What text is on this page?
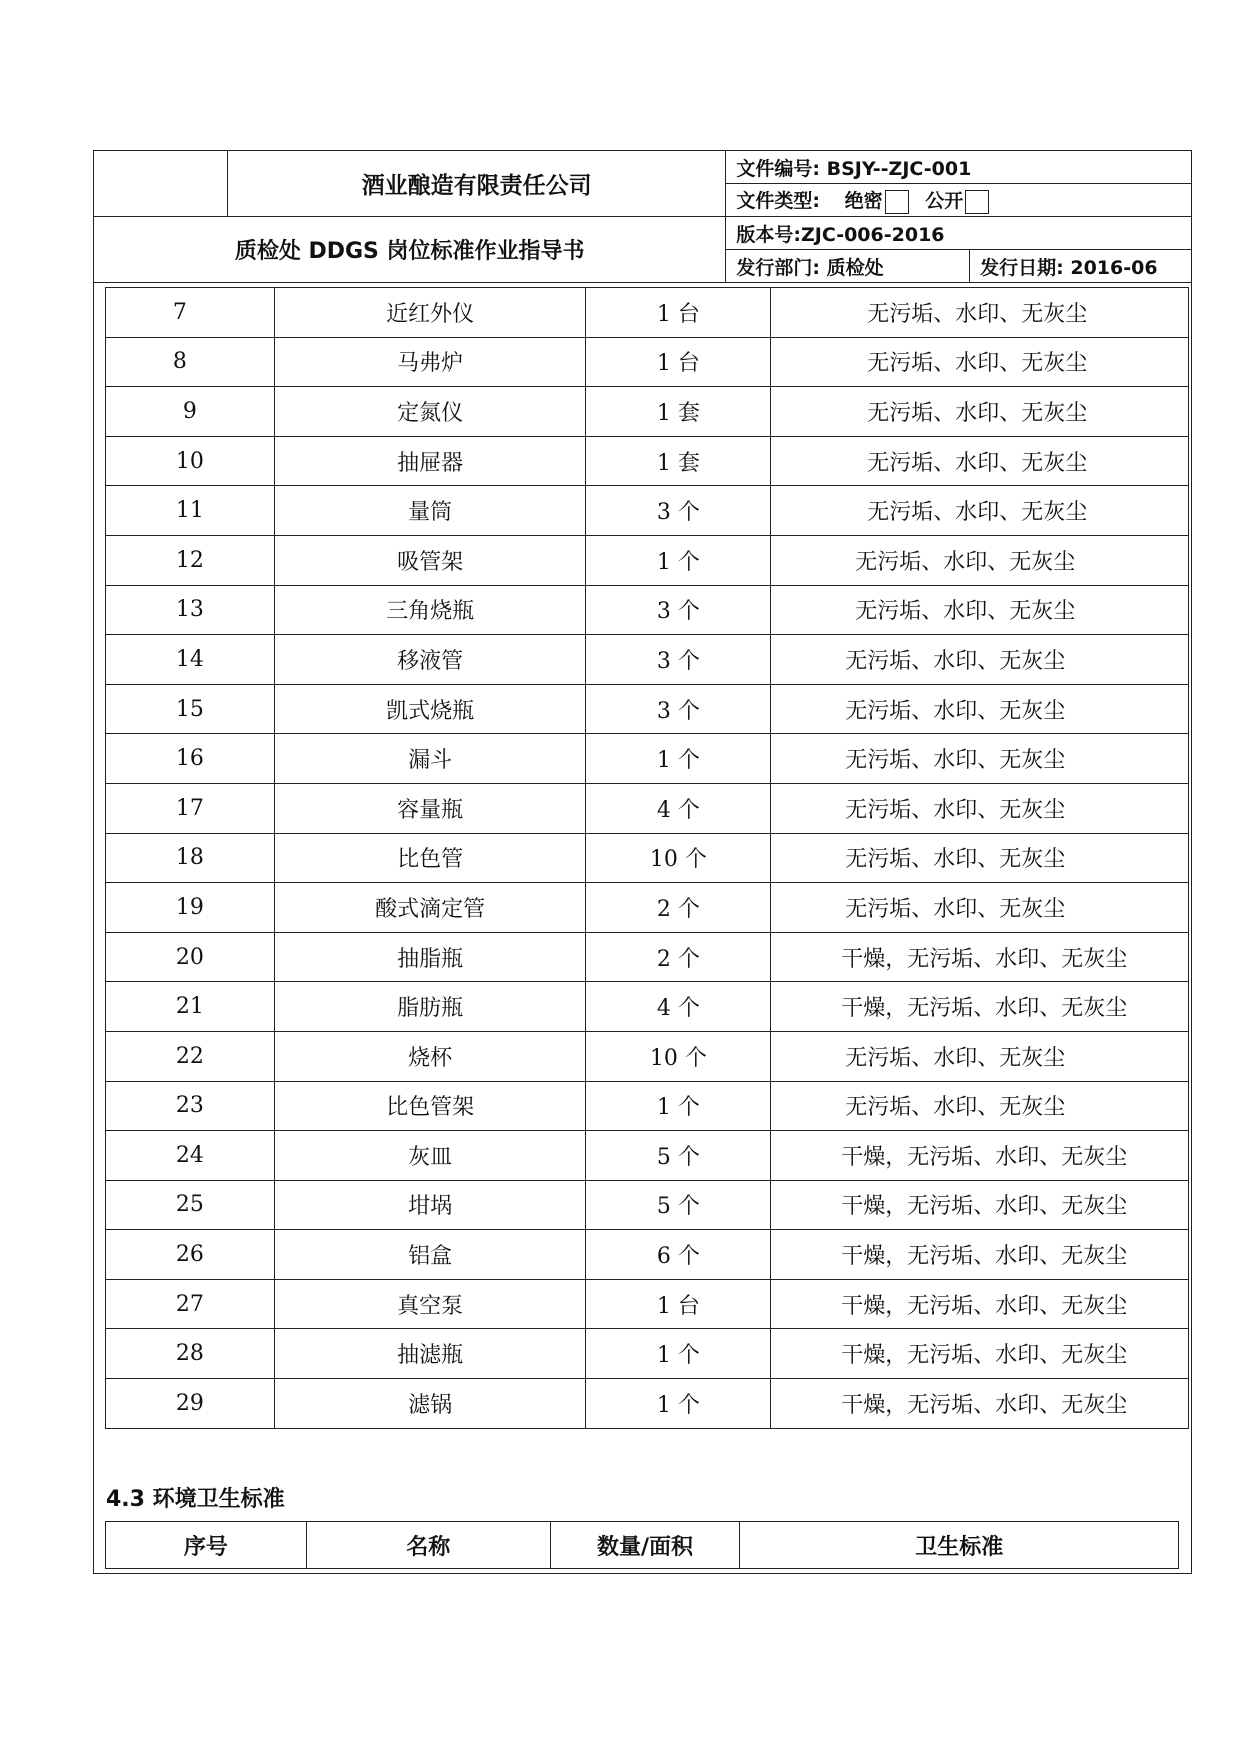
	酒业酿造有限责任公司	文件编号: BSJY--ZJC-001	
		文件类型: 绝密 公开	
质检处 DDGS 岗位标准作业指导书		版本号:ZJC-006-2016	
		发行部门: 质检处	发行日期: 2016-06
7	近红外仪	1 台	无污垢、水印、无灰尘
8	马弗炉	1 台	无污垢、水印、无灰尘
9	定氮仪	1 套	无污垢、水印、无灰尘
10	抽屉器	1 套	无污垢、水印、无灰尘
11	量筒	3 个	无污垢、水印、无灰尘
12	吸管架	1 个	无污垢、水印、无灰尘
13	三角烧瓶	3 个	无污垢、水印、无灰尘
14	移液管	3 个	无污垢、水印、无灰尘
15	凯式烧瓶	3 个	无污垢、水印、无灰尘
16	漏斗	1 个	无污垢、水印、无灰尘
17	容量瓶	4 个	无污垢、水印、无灰尘
18	比色管	10 个	无污垢、水印、无灰尘
19	酸式滴定管	2 个	无污垢、水印、无灰尘
20	抽脂瓶	2 个	干燥，无污垢、水印、无灰尘
21	脂肪瓶	4 个	干燥，无污垢、水印、无灰尘
22	烧杯	10 个	无污垢、水印、无灰尘
23	比色管架	1 个	无污垢、水印、无灰尘
24	灰皿	5 个	干燥，无污垢、水印、无灰尘
25	坩埚	5 个	干燥，无污垢、水印、无灰尘
26	铝盒	6 个	干燥，无污垢、水印、无灰尘
27	真空泵	1 台	干燥，无污垢、水印、无灰尘
28	抽滤瓶	1 个	干燥，无污垢、水印、无灰尘
29	滤锅	1 个	干燥，无污垢、水印、无灰尘
4.3 环境卫生标准
序号	名称	数量/面积	卫生标准
